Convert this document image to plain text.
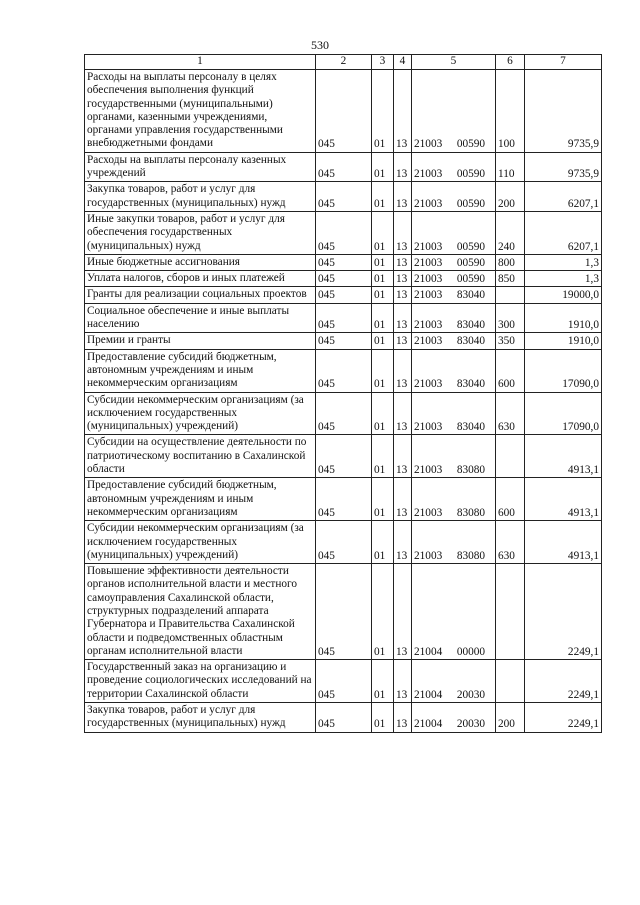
530
1	2	3	4	5	6	7
Расходы на выплаты персоналу в целях обеспечения выполнения функций государственными (муниципальными) органами, казенными учреждениями, органами управления государственными внебюджетными фондами	045	01	13	21003 00590	100	9735,9
Расходы на выплаты персоналу казенных учреждений	045	01	13	21003 00590	110	9735,9
Закупка товаров, работ и услуг для государственных (муниципальных) нужд	045	01	13	21003 00590	200	6207,1
Иные закупки товаров, работ и услуг для обеспечения государственных (муниципальных) нужд	045	01	13	21003 00590	240	6207,1
Иные бюджетные ассигнования	045	01	13	21003 00590	800	1,3
Уплата налогов, сборов и иных платежей	045	01	13	21003 00590	850	1,3
Гранты для реализации социальных проектов	045	01	13	21003 83040		19000,0
Социальное обеспечение и иные выплаты населению	045	01	13	21003 83040	300	1910,0
Премии и гранты	045	01	13	21003 83040	350	1910,0
Предоставление субсидий бюджетным, автономным учреждениям и иным некоммерческим организациям	045	01	13	21003 83040	600	17090,0
Субсидии некоммерческим организациям (за исключением государственных (муниципальных) учреждений)	045	01	13	21003 83040	630	17090,0
Субсидии на осуществление деятельности по патриотическому воспитанию в Сахалинской области	045	01	13	21003 83080		4913,1
Предоставление субсидий бюджетным, автономным учреждениям и иным некоммерческим организациям	045	01	13	21003 83080	600	4913,1
Субсидии некоммерческим организациям (за исключением государственных (муниципальных) учреждений)	045	01	13	21003 83080	630	4913,1
Повышение эффективности деятельности органов исполнительной власти и местного самоуправления Сахалинской области, структурных подразделений аппарата Губернатора и Правительства Сахалинской области и подведомственных областным органам исполнительной власти	045	01	13	21004 00000		2249,1
Государственный заказ на организацию и проведение социологических исследований на территории Сахалинской области	045	01	13	21004 20030		2249,1
Закупка товаров, работ и услуг для государственных (муниципальных) нужд	045	01	13	21004 20030	200	2249,1
